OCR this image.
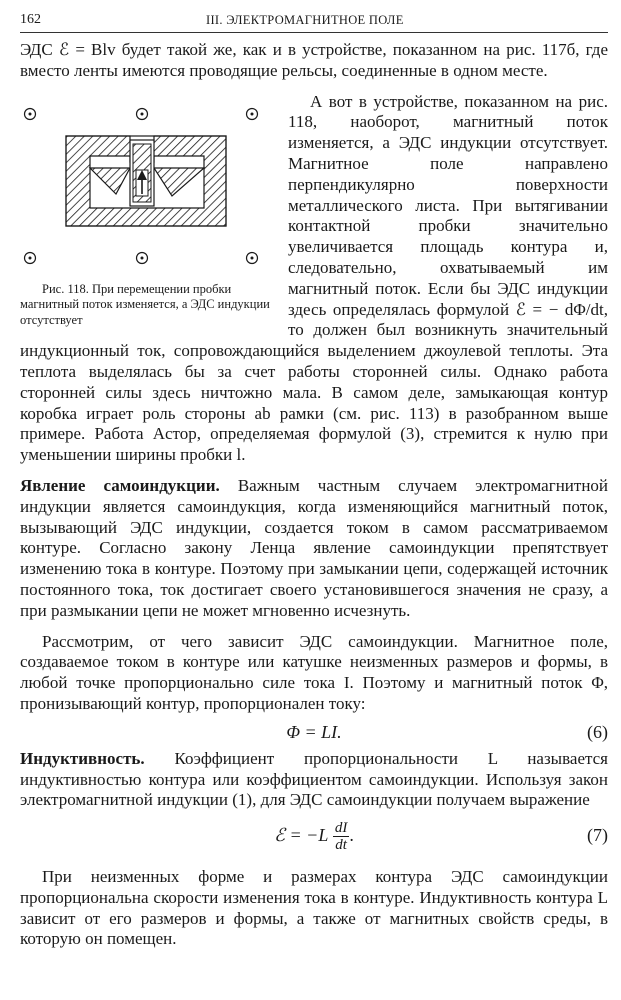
162	III. ЭЛЕКТРОМАГНИТНОЕ ПОЛЕ

ЭДС ℰ = Blv будет такой же, как и в устройстве, показанном на рис. 117б, где вместо ленты имеются проводящие рельсы, соединенные в одном месте.

Рис. 118. При перемещении пробки магнитный поток изменяется, а ЭДС индукции отсутствует
А вот в устройстве, показанном на рис. 118, наоборот, магнитный поток изменяется, а ЭДС индукции отсутствует. Магнитное поле направлено перпендикулярно поверхности металлического листа. При вытягивании контактной пробки значительно увеличивается площадь контура и, следовательно, охватываемый им магнитный поток. Если бы ЭДС индукции здесь определялась формулой ℰ = − dΦ/dt, то должен был возникнуть значительный индукционный ток, сопровождающийся выделением джоулевой теплоты. Эта теплота выделялась бы за счет работы сторонней силы. Однако работа сторонней силы здесь ничтожно мала. В самом деле, замыкающая контур коробка играет роль стороны ab рамки (см. рис. 113) в разобранном выше примере. Работа Aстор, определяемая формулой (3), стремится к нулю при уменьшении ширины пробки l.

Явление самоиндукции. Важным частным случаем электромагнитной индукции является самоиндукция, когда изменяющийся магнитный поток, вызывающий ЭДС индукции, создается током в самом рассматриваемом контуре. Согласно закону Ленца явление самоиндукции препятствует изменению тока в контуре. Поэтому при замыкании цепи, содержащей источник постоянного тока, ток достигает своего установившегося значения не сразу, а при размыкании цепи не может мгновенно исчезнуть.

Рассмотрим, от чего зависит ЭДС самоиндукции. Магнитное поле, создаваемое током в контуре или катушке неизменных размеров и формы, в любой точке пропорционально силе тока I. Поэтому и магнитный поток Φ, пронизывающий контур, пропорционален току:

Φ = LI.	(6)

Индуктивность. Коэффициент пропорциональности L называется индуктивностью контура или коэффициентом самоиндукции. Используя закон электромагнитной индукции (1), для ЭДС самоиндукции получаем выражение

ℰ = $-L \frac{dI}{dt}$ .	(7)

При неизменных форме и размерах контура ЭДС самоиндукции пропорциональна скорости изменения тока в контуре. Индуктивность контура L зависит от его размеров и формы, а также от магнитных свойств среды, в которую он помещен.
